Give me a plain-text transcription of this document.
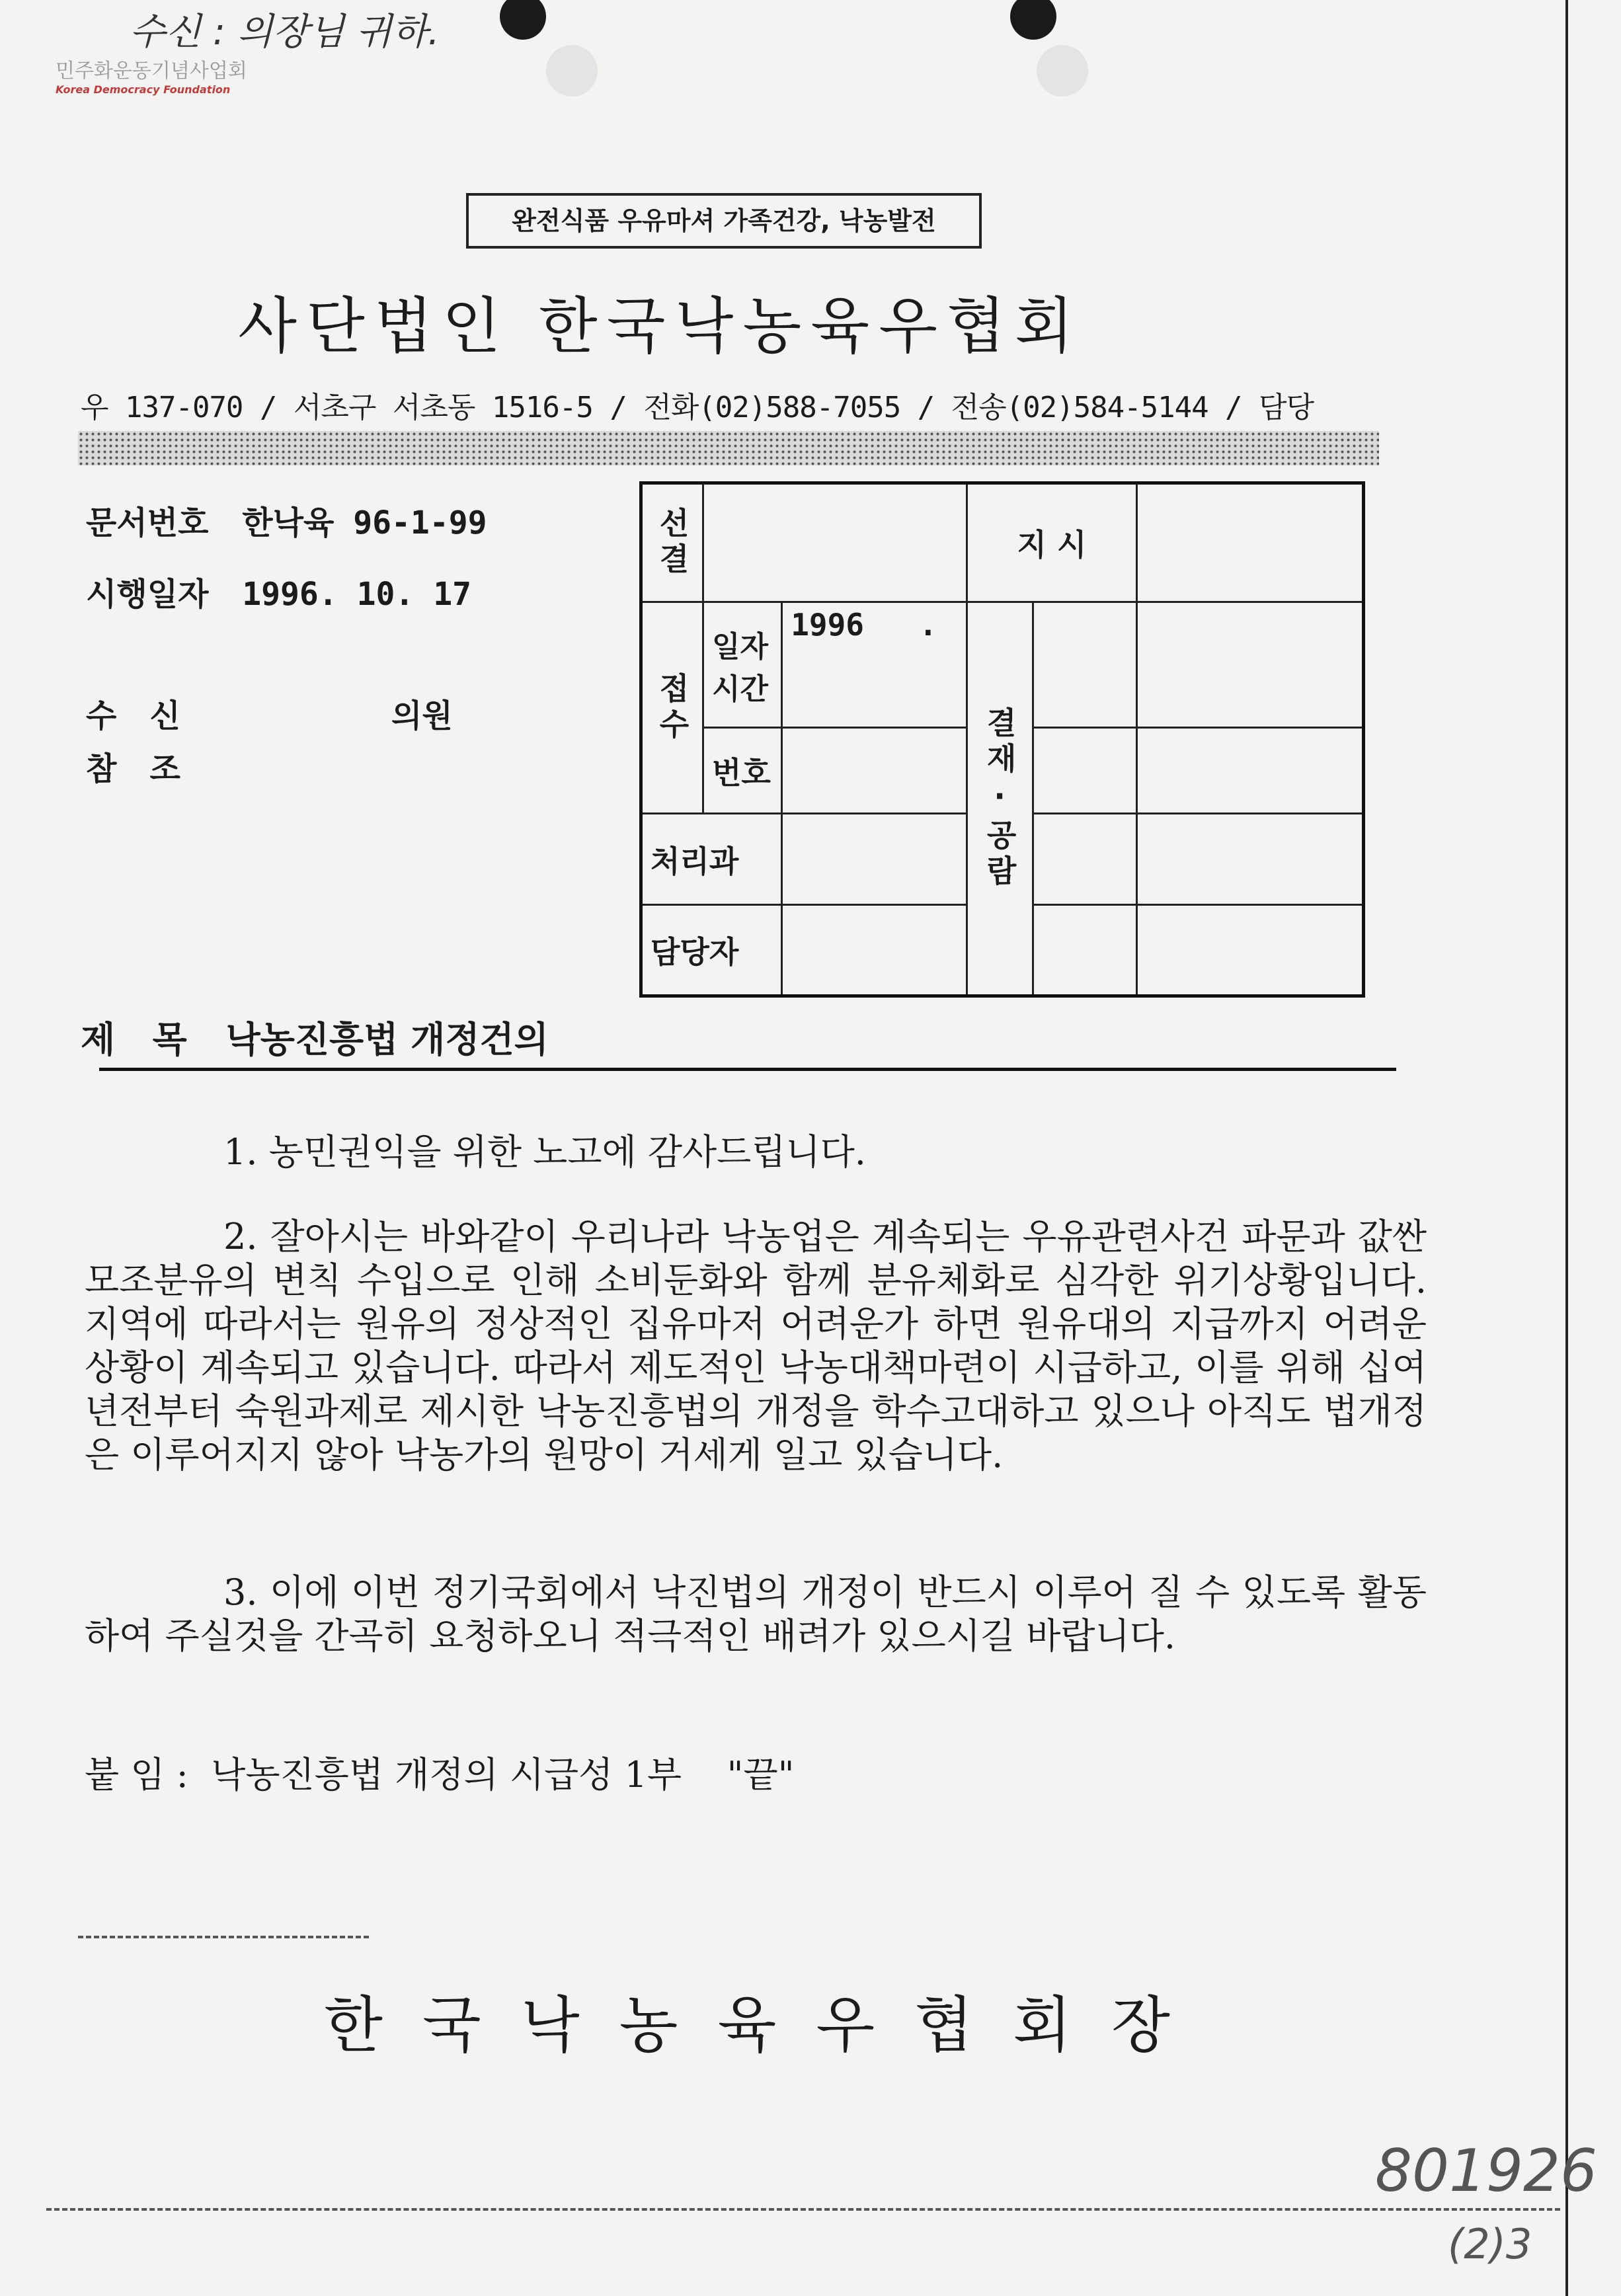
수신 : 의장님 귀하.
민주화운동기념사업회
Korea Democracy Foundation
완전식품 우유마셔 가족건강, 낙농발전
사단법인 한국낙농육우협회
우 137-070 / 서초구 서초동 1516-5 / 전화(02)588-7055 / 전송(02)584-5144 / 담당
문서번호 한낙육 96-1-99
시행일자 1996. 10. 17
수   신	의원
참   조
선결			지 시		
접수	일자 시간	1996   .	결재·공람		
	번호				
처리과					
담당자					
제   목 낙농진흥법 개정건의
1. 농민권익을 위한 노고에 감사드립니다.
2. 잘아시는 바와같이 우리나라 낙농업은 계속되는 우유관련사건 파문과 값싼 모조분유의 변칙 수입으로 인해 소비둔화와 함께 분유체화로 심각한 위기상황입니다. 지역에 따라서는 원유의 정상적인 집유마저 어려운가 하면 원유대의 지급까지 어려운 상황이 계속되고 있습니다. 따라서 제도적인 낙농대책마련이 시급하고, 이를 위해 십여년전부터 숙원과제로 제시한 낙농진흥법의 개정을 학수고대하고 있으나 아직도 법개정은 이루어지지 않아 낙농가의 원망이 거세게 일고 있습니다.
3. 이에 이번 정기국회에서 낙진법의 개정이 반드시 이루어 질 수 있도록 활동하여 주실것을 간곡히 요청하오니 적극적인 배려가 있으시길 바랍니다.
붙 임 :  낙농진흥법 개정의 시급성 1부    "끝"
한국낙농육우협회장
801926
(2)3
